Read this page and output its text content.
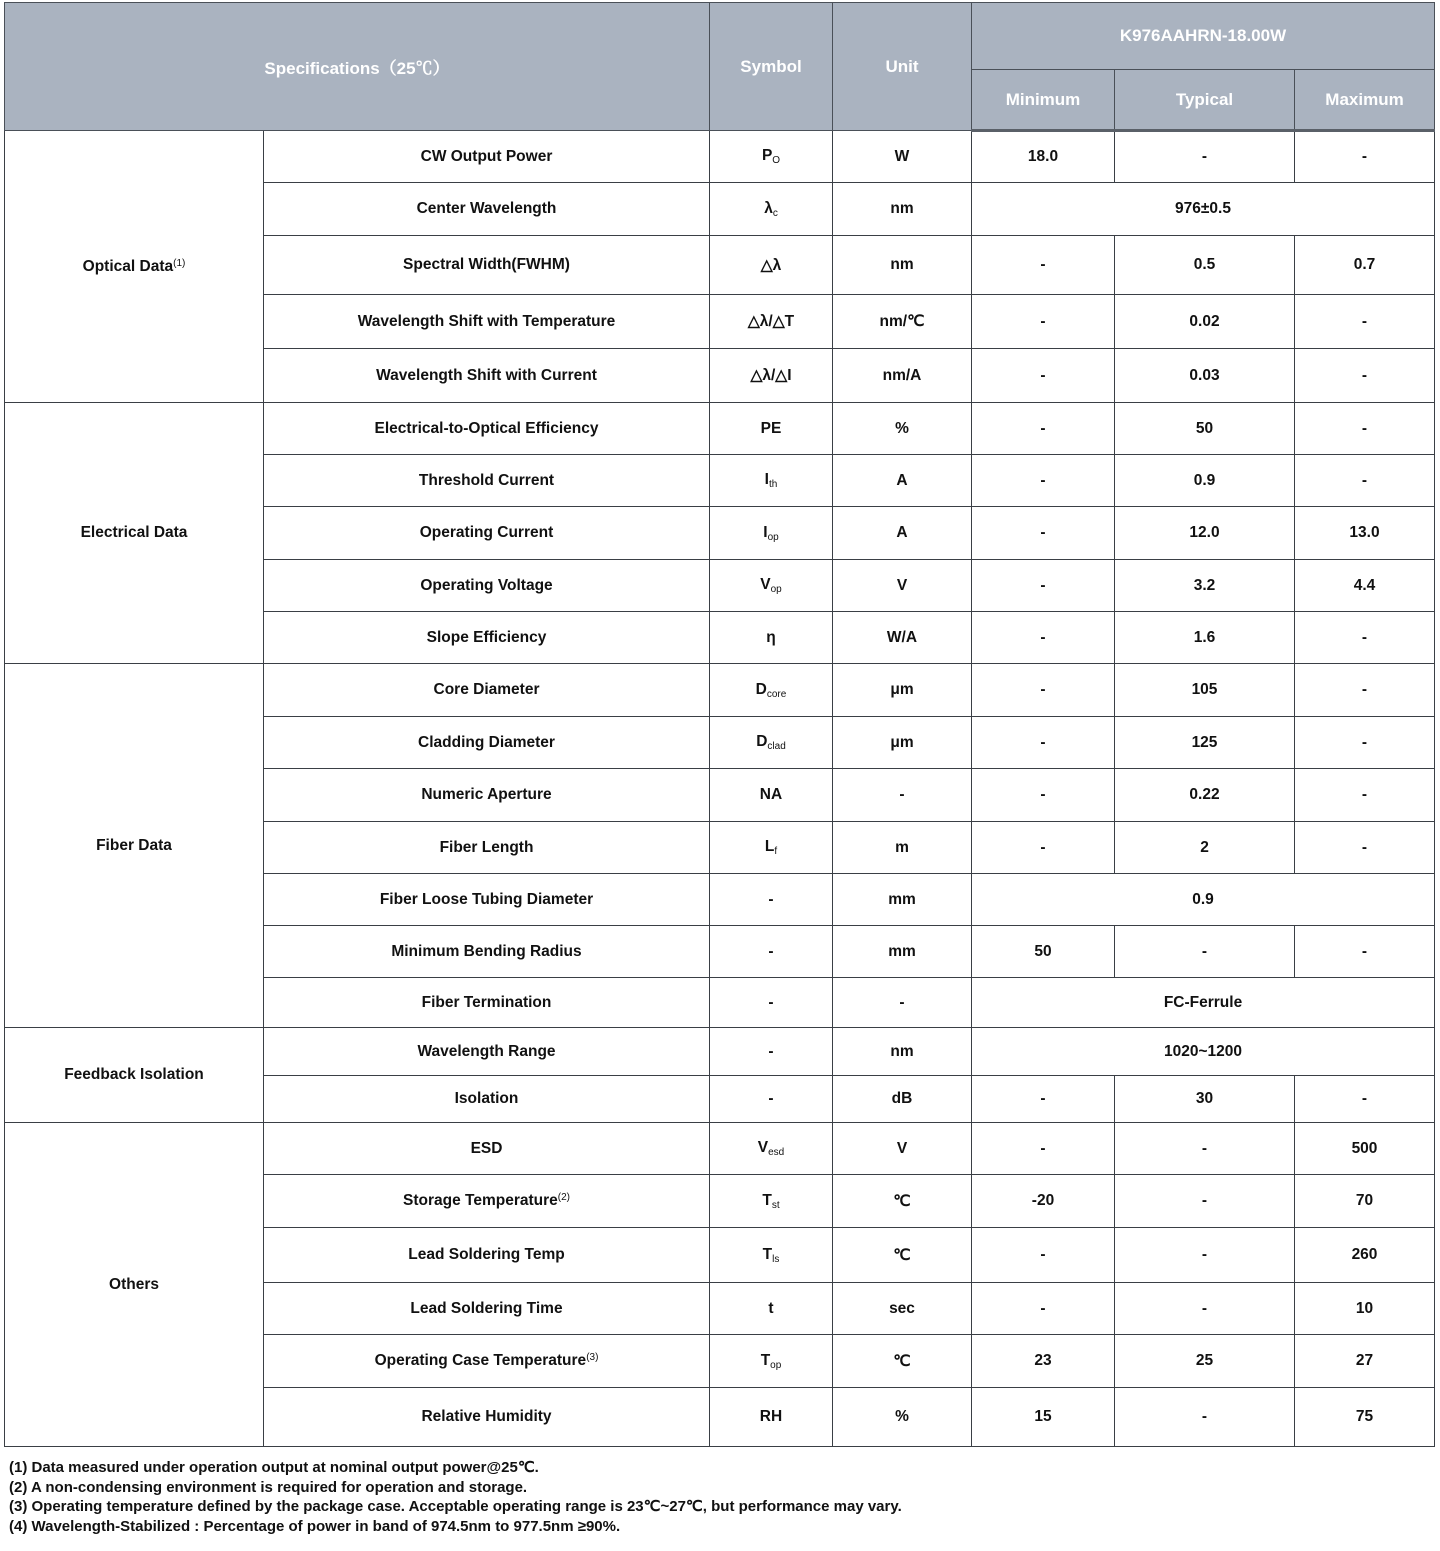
Specifications（25℃）		Symbol	Unit	K976AAHRN-18.00W		
				Minimum	Typical	Maximum
Optical Data$^{(1)}$	CW Output Power	$P_O$	W	18.0	-	-
	Center Wavelength	$\lambda_c$	nm	976±0.5		
	Spectral Width(FWHM)	△λ	nm	-	0.5	0.7
	Wavelength Shift with Temperature	△λ/△T	nm/℃	-	0.02	-
	Wavelength Shift with Current	△λ/△I	nm/A	-	0.03	-
Electrical Data	Electrical-to-Optical Efficiency	PE	%	-	50	-
	Threshold Current	$I_{th}$	A	-	0.9	-
	Operating Current	$I_{op}$	A	-	12.0	13.0
	Operating Voltage	$V_{op}$	V	-	3.2	4.4
	Slope Efficiency	η	W/A	-	1.6	-
Fiber Data	Core Diameter	$D_{core}$	μm	-	105	-
	Cladding Diameter	$D_{clad}$	μm	-	125	-
	Numeric Aperture	NA	-	-	0.22	-
	Fiber Length	$L_f$	m	-	2	-
	Fiber Loose Tubing Diameter	-	mm	0.9		
	Minimum Bending Radius	-	mm	50	-	-
	Fiber Termination	-	-	FC-Ferrule		
Feedback Isolation	Wavelength Range	-	nm	1020~1200		
	Isolation	-	dB	-	30	-
Others	ESD	$V_{esd}$	V	-	-	500
	Storage Temperature$^{(2)}$	$T_{st}$	℃	-20	-	70
	Lead Soldering Temp	$T_{ls}$	℃	-	-	260
	Lead Soldering Time	t	sec	-	-	10
	Operating Case Temperature$^{(3)}$	$T_{op}$	℃	23	25	27
	Relative Humidity	RH	%	15	-	75
(1) Data measured under operation output at nominal output power@25℃.
(2) A non-condensing environment is required for operation and storage.
(3) Operating temperature defined by the package case. Acceptable operating range is 23℃~27℃, but performance may vary.
(4) Wavelength-Stabilized : Percentage of power in band of 974.5nm to 977.5nm ≥90%.
